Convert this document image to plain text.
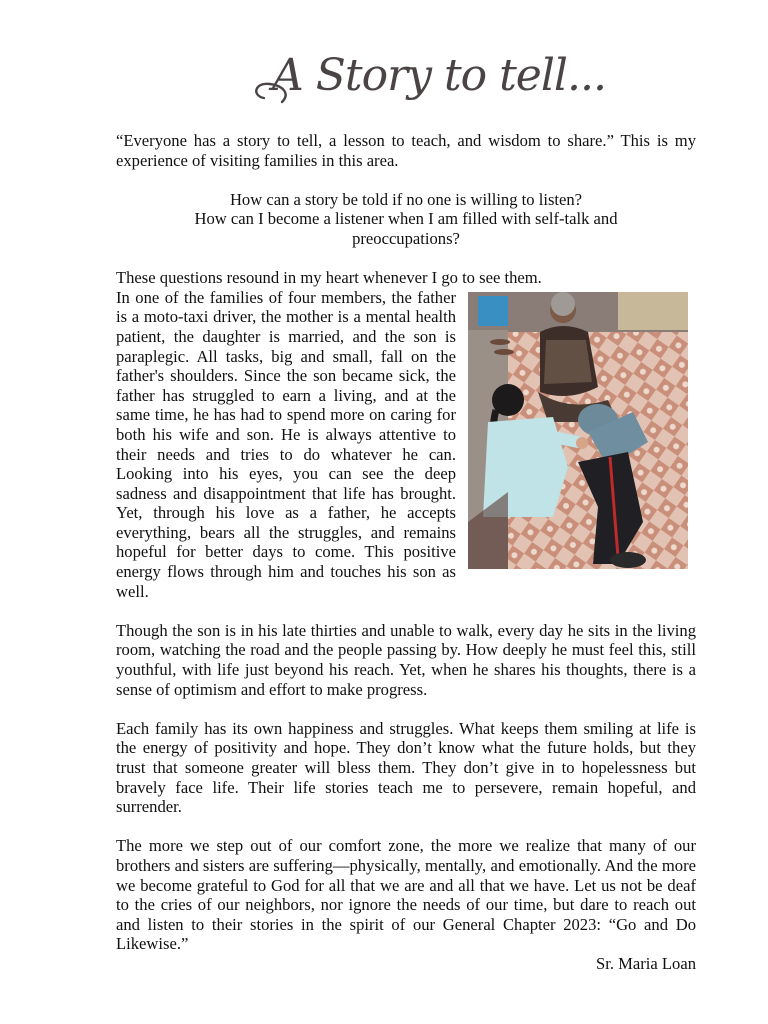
A Story to tell...

“Everyone has a story to tell, a lesson to teach, and wisdom to share.” This is my experience of visiting families in this area.

How can a story be told if no one is willing to listen?

How can I become a listener when I am filled with self-talk and preoccupations?

These questions resound in my heart whenever I go to see them.

In one of the families of four members, the father is a moto-taxi driver, the mother is a mental health patient, the daughter is married, and the son is paraplegic. All tasks, big and small, fall on the father's shoulders. Since the son became sick, the father has struggled to earn a living, and at the same time, he has had to spend more on caring for both his wife and son. He is always attentive to their needs and tries to do whatever he can. Looking into his eyes, you can see the deep sadness and disappointment that life has brought. Yet, through his love as a father, he accepts everything, bears all the struggles, and remains hopeful for better days to come. This positive energy flows through him and touches his son as well.

Though the son is in his late thirties and unable to walk, every day he sits in the living room, watching the road and the people passing by. How deeply he must feel this, still youthful, with life just beyond his reach. Yet, when he shares his thoughts, there is a sense of optimism and effort to make progress.

Each family has its own happiness and struggles. What keeps them smiling at life is the energy of positivity and hope. They don’t know what the future holds, but they trust that someone greater will bless them. They don’t give in to hopelessness but bravely face life. Their life stories teach me to persevere, remain hopeful, and surrender.

The more we step out of our comfort zone, the more we realize that many of our brothers and sisters are suffering—physically, mentally, and emotionally. And the more we become grateful to God for all that we are and all that we have. Let us not be deaf to the cries of our neighbors, nor ignore the needs of our time, but dare to reach out and listen to their stories in the spirit of our General Chapter 2023: “Go and Do Likewise.”

Sr. Maria Loan
